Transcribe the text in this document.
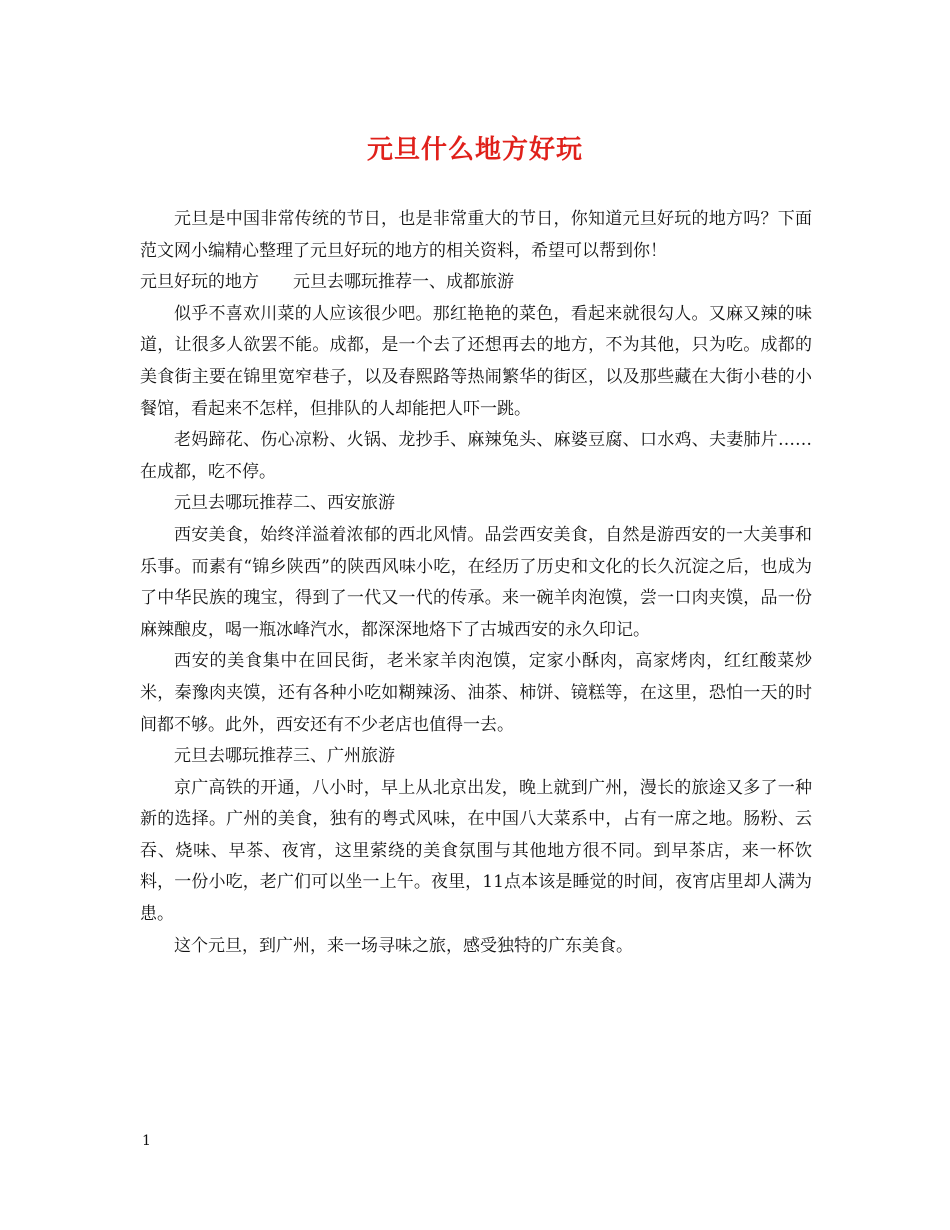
元旦什么地方好玩

元旦是中国非常传统的节日，也是非常重大的节日，你知道元旦好玩的地方吗？下面范文网小编精心整理了元旦好玩的地方的相关资料，希望可以帮到你！

元旦好玩的地方　　元旦去哪玩推荐一、成都旅游

似乎不喜欢川菜的人应该很少吧。那红艳艳的菜色，看起来就很勾人。又麻又辣的味道，让很多人欲罢不能。成都，是一个去了还想再去的地方，不为其他，只为吃。成都的美食街主要在锦里宽窄巷子，以及春熙路等热闹繁华的街区，以及那些藏在大街小巷的小餐馆，看起来不怎样，但排队的人却能把人吓一跳。

老妈蹄花、伤心凉粉、火锅、龙抄手、麻辣兔头、麻婆豆腐、口水鸡、夫妻肺片……在成都，吃不停。

元旦去哪玩推荐二、西安旅游

西安美食，始终洋溢着浓郁的西北风情。品尝西安美食，自然是游西安的一大美事和乐事。而素有“锦乡陕西”的陕西风味小吃，在经历了历史和文化的长久沉淀之后，也成为了中华民族的瑰宝，得到了一代又一代的传承。来一碗羊肉泡馍，尝一口肉夹馍，品一份麻辣酿皮，喝一瓶冰峰汽水，都深深地烙下了古城西安的永久印记。

西安的美食集中在回民街，老米家羊肉泡馍，定家小酥肉，高家烤肉，红红酸菜炒米，秦豫肉夹馍，还有各种小吃如糊辣汤、油茶、柿饼、镜糕等，在这里，恐怕一天的时间都不够。此外，西安还有不少老店也值得一去。

元旦去哪玩推荐三、广州旅游

京广高铁的开通，八小时，早上从北京出发，晚上就到广州，漫长的旅途又多了一种新的选择。广州的美食，独有的粤式风味，在中国八大菜系中，占有一席之地。肠粉、云吞、烧味、早茶、夜宵，这里萦绕的美食氛围与其他地方很不同。到早茶店，来一杯饮料，一份小吃，老广们可以坐一上午。夜里，11点本该是睡觉的时间，夜宵店里却人满为患。

这个元旦，到广州，来一场寻味之旅，感受独特的广东美食。

1
